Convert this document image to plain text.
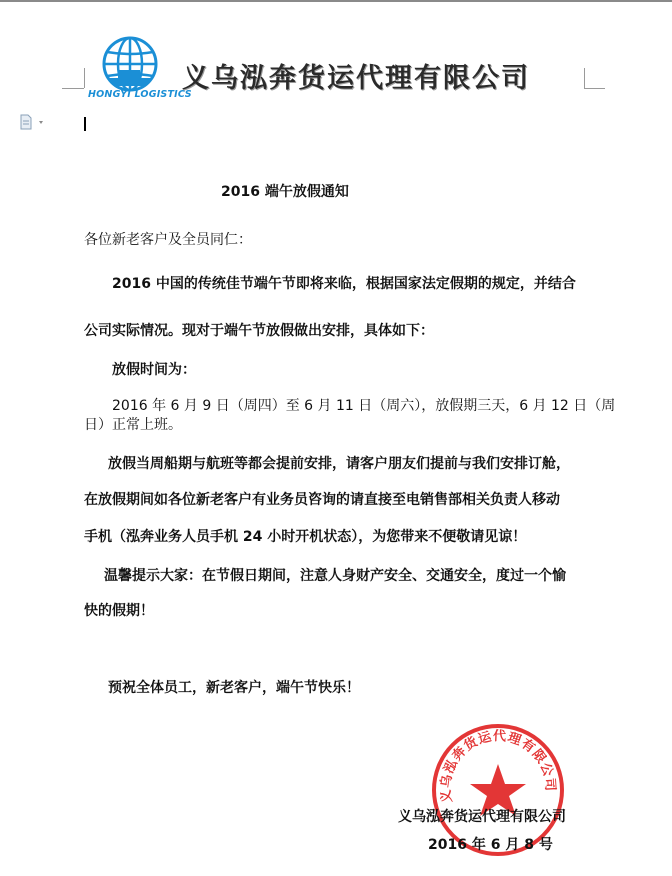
HONGYI LOGISTICS
义乌泓奔货运代理有限公司
2016 端午放假通知
各位新老客户及全员同仁：
2016 中国的传统佳节端午节即将来临，根据国家法定假期的规定，并结合
公司实际情况。现对于端午节放假做出安排，具体如下：
放假时间为：
2016 年 6 月 9 日（周四）至 6 月 11 日（周六），放假期三天，6 月 12 日（周
日）正常上班。
放假当周船期与航班等都会提前安排，请客户朋友们提前与我们安排订舱，
在放假期间如各位新老客户有业务员咨询的请直接至电销售部相关负责人移动
手机（泓奔业务人员手机 24 小时开机状态），为您带来不便敬请见谅！
温馨提示大家：在节假日期间，注意人身财产安全、交通安全，度过一个愉
快的假期！
预祝全体员工，新老客户，端午节快乐！
义乌泓奔货运代理有限公司
义乌泓奔货运代理有限公司
2016 年 6 月 8 号
